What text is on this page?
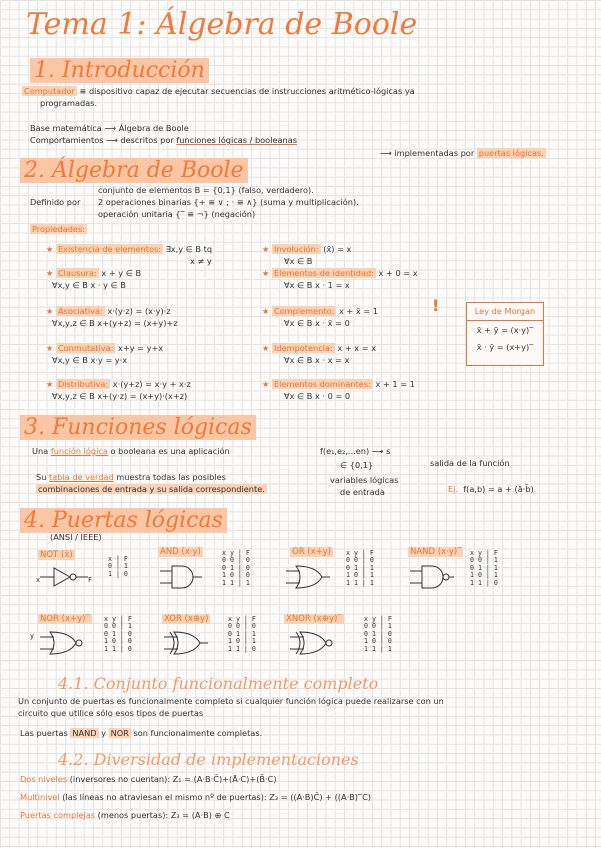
Tema 1: Álgebra de Boole
1. Introducción
Computador ≡ dispositivo capaz de ejecutar secuencias de instrucciones aritmético-lógicas ya
programadas.
Base matemática ⟶ Álgebra de Boole
Comportamientos ⟶ descritos por funciones lógicas / booleanas
⟶ implementadas por puertas lógicas.
2. Álgebra de Boole
Definido por
conjunto de elementos B = {0,1} (falso, verdadero).
2 operaciones binarias {+ ≡ ∨ ; · ≡ ∧} (suma y multiplicación).
operación unitaria {‾ ≡ ¬} (negación)
Propiedades:
★ Existencia de elementos: ∃x,y ∈ B tq
x ≠ y
★ Clausura: x + y ∈ B
∀x,y ∈ B x · y ∈ B
★ Asociativa: x·(y·z) = (x·y)·z
∀x,y,z ∈ B x+(y+z) = (x+y)+z
★ Conmutativa: x+y = y+x
∀x,y ∈ B x·y = y·x
★ Distributiva: x·(y+z) = x·y + x·z
∀x,y,z ∈ B x+(y·z) = (x+y)·(x+z)
★ Involución: (x̄) = x
∀x ∈ B
★ Elementos de identidad: x + 0 = x
∀x ∈ B x · 1 = x
★ Complemento: x + x̄ = 1
∀x ∈ B x · x̄ = 0
★ Idempotencia: x + x = x
∀x ∈ B x · x = x
★ Elementos dominantes: x + 1 = 1
∀x ∈ B x · 0 = 0
!	Ley de Morgan
x̄ + ȳ = (x·y)‾
x̄ · ȳ = (x+y)‾
3. Funciones lógicas
Una función lógica o booleana es una aplicación	f(e₁,e₂,...en) ⟶ s
∈ {0,1}	salida de la función
Su tabla de verdad muestra todas las posibles
combinaciones de entrada y su salida correspondiente.
variables lógicas
de entrada	Ej. f(a,b) = a + (ā·b̄)
4. Puertas lógicas
(ANSI / IEEE)
NOT (x̄)
x	F
x | F
0 | 1
1 | 0
AND (x·y)	x y | F
0 0 | 0
0 1 | 0
1 0 | 0
1 1 | 1
OR (x+y)	x y | F
0 0 | 0
0 1 | 1
1 0 | 1
1 1 | 1
NAND (x·y)‾	x y | F
0 0 | 1
0 1 | 1
1 0 | 1
1 1 | 0
NOR (x+y)‾	x y | F
0 0 | 1
0 1 | 0
1 0 | 0
1 1 | 0
XOR (x⊕y)	x y | F
0 0 | 0
0 1 | 1
1 0 | 1
1 1 | 0
XNOR (x⊕y)‾	x y | F
0 0 | 1
0 1 | 0
1 0 | 0
1 1 | 1
y
4.1. Conjunto funcionalmente completo
Un conjunto de puertas es funcionalmente completo si cualquier función lógica puede realizarse con un
circuito que utilice sólo esos tipos de puertas
Las puertas NAND y NOR son funcionalmente completas.
4.2. Diversidad de implementaciones
Dos niveles (inversores no cuentan): Z₁ = (A·B·C̄)+(Ā·C)+(B̄·C)
Multinivel (las líneas no atraviesan el mismo nº de puertas): Z₂ = ((A·B)C̄) + ((A·B)‾C)
Puertas complejas (menos puertas): Z₃ = (A·B) ⊕ C
